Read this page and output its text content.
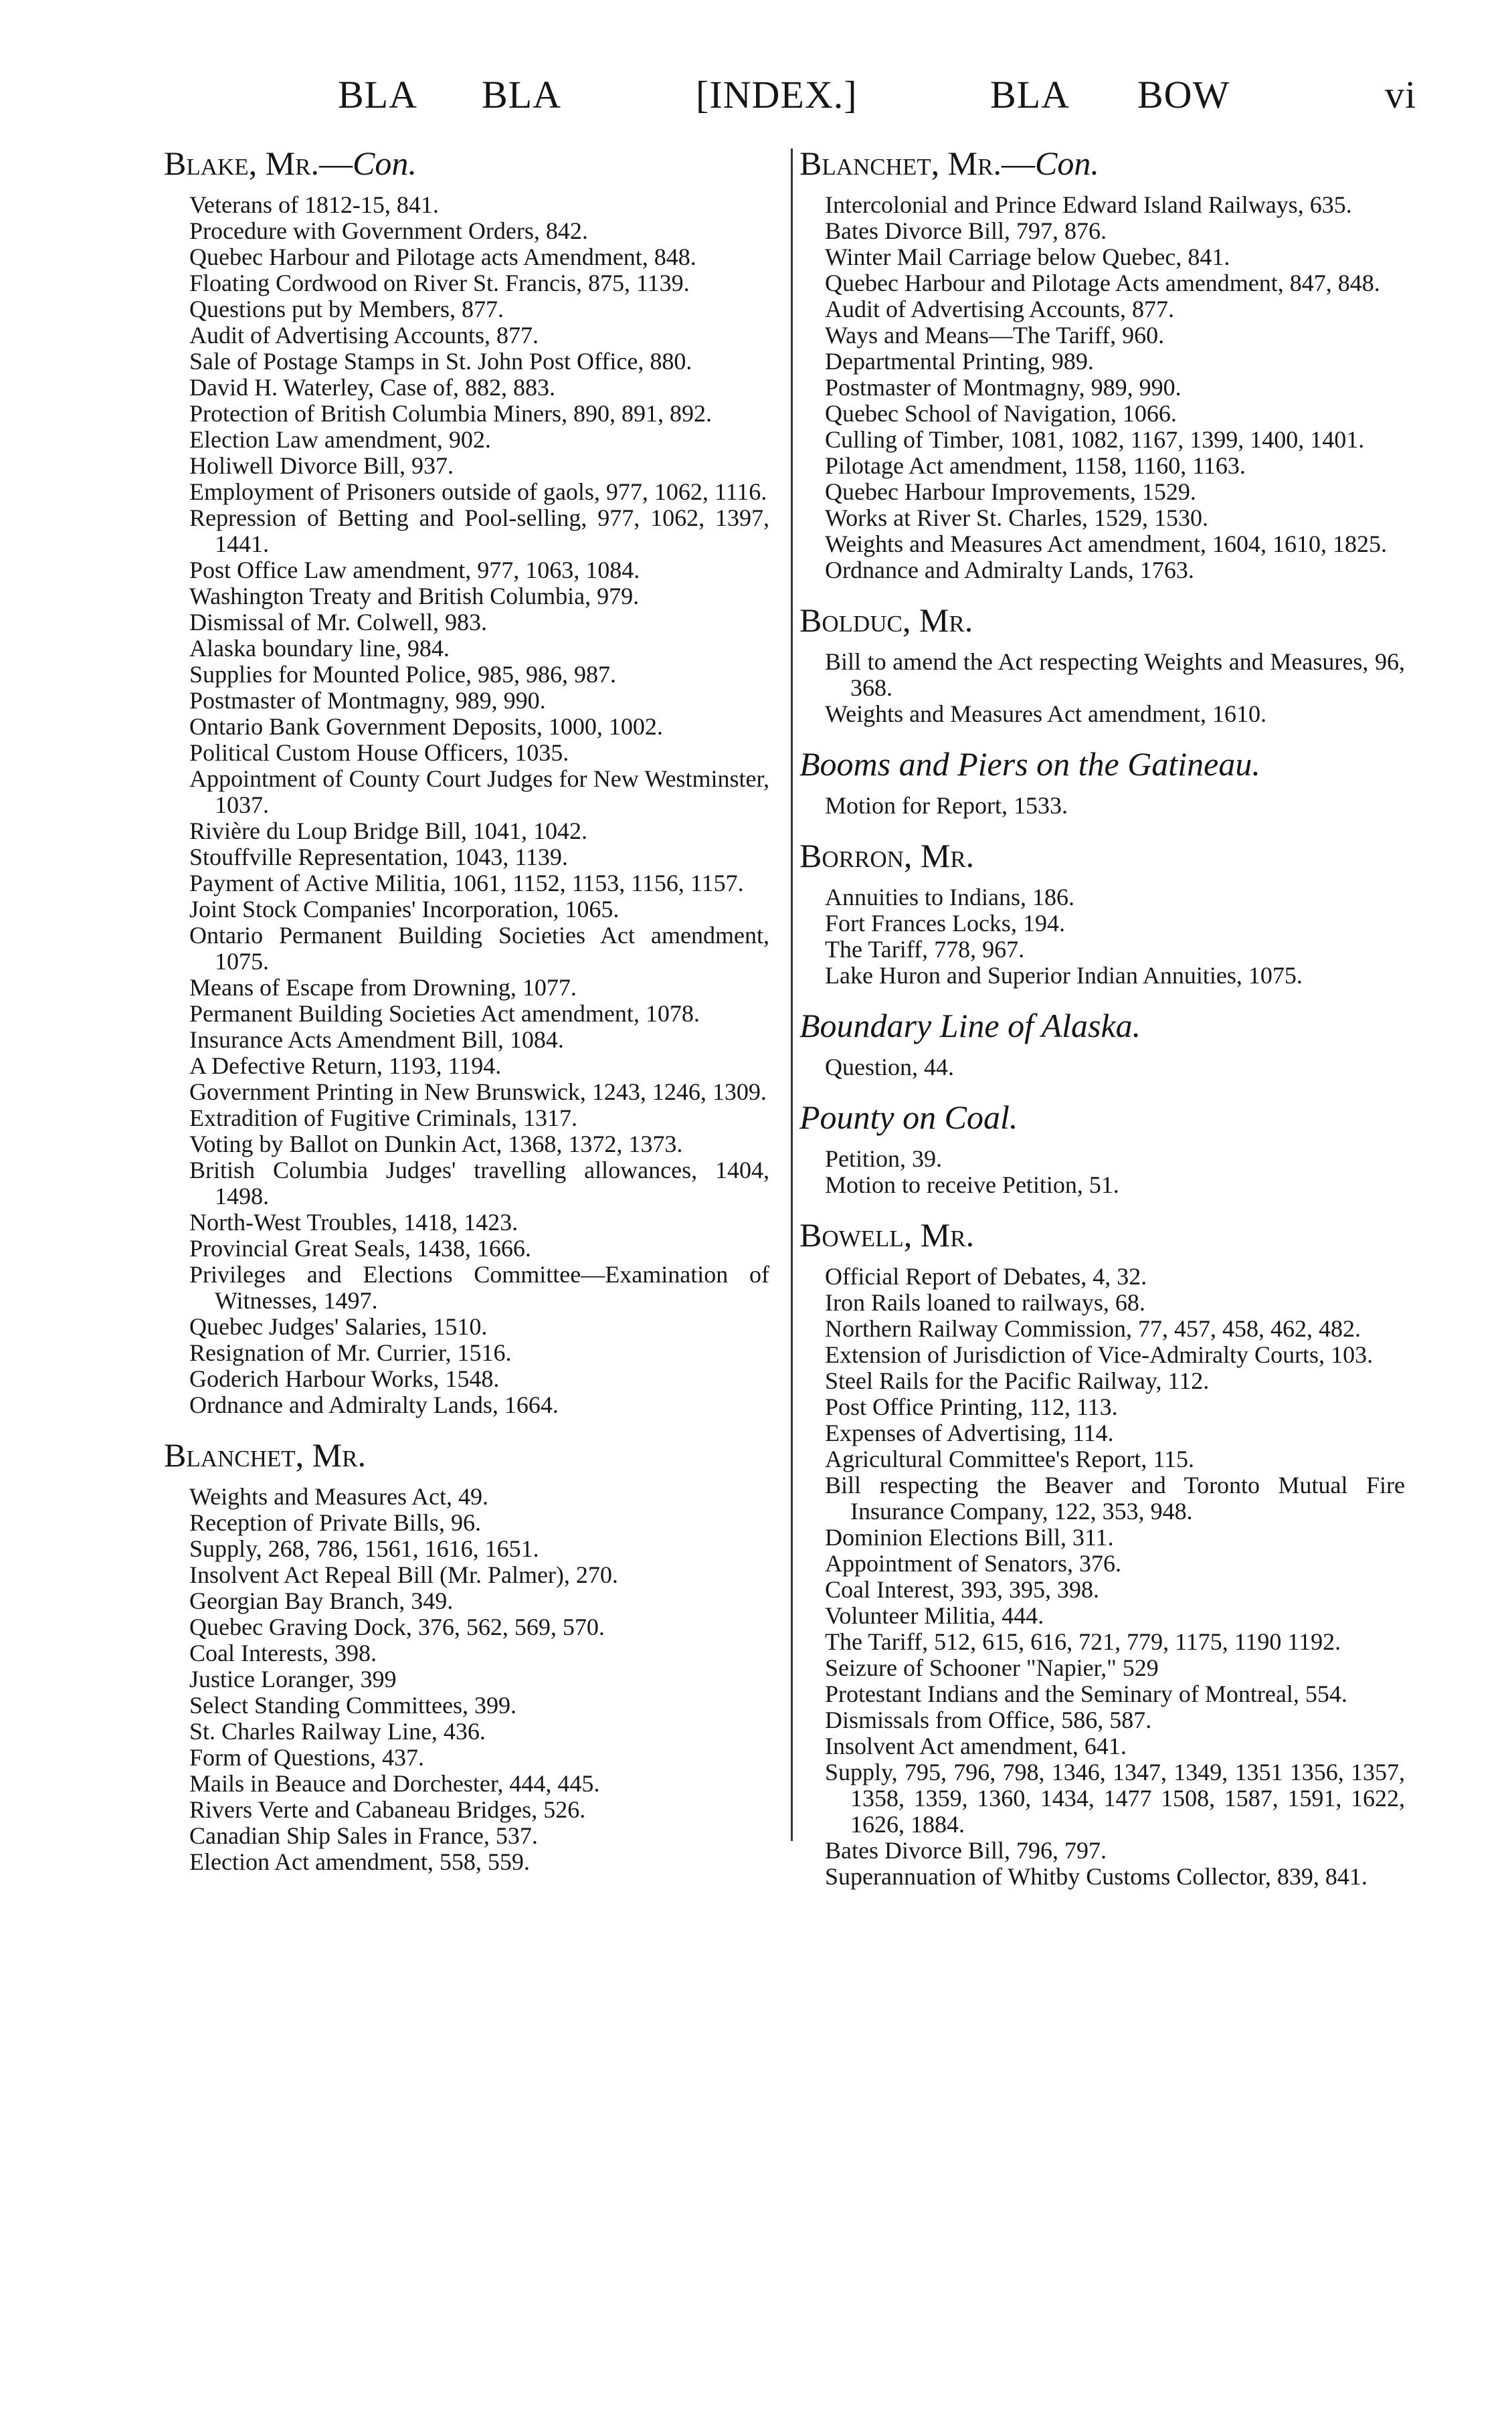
BLA BLA	[INDEX.]	BLA BOW	vi
Blake, Mr.—Con.
Veterans of 1812-15, 841.
Procedure with Government Orders, 842.
Quebec Harbour and Pilotage acts Amendment, 848.
Floating Cordwood on River St. Francis, 875, 1139.
Questions put by Members, 877.
Audit of Advertising Accounts, 877.
Sale of Postage Stamps in St. John Post Office, 880.
David H. Waterley, Case of, 882, 883.
Protection of British Columbia Miners, 890, 891, 892.
Election Law amendment, 902.
Holiwell Divorce Bill, 937.
Employment of Prisoners outside of gaols, 977, 1062, 1116.
Repression of Betting and Pool-selling, 977, 1062, 1397, 1441.
Post Office Law amendment, 977, 1063, 1084.
Washington Treaty and British Columbia, 979.
Dismissal of Mr. Colwell, 983.
Alaska boundary line, 984.
Supplies for Mounted Police, 985, 986, 987.
Postmaster of Montmagny, 989, 990.
Ontario Bank Government Deposits, 1000, 1002.
Political Custom House Officers, 1035.
Appointment of County Court Judges for New Westminster, 1037.
Rivière du Loup Bridge Bill, 1041, 1042.
Stouffville Representation, 1043, 1139.
Payment of Active Militia, 1061, 1152, 1153, 1156, 1157.
Joint Stock Companies' Incorporation, 1065.
Ontario Permanent Building Societies Act amendment, 1075.
Means of Escape from Drowning, 1077.
Permanent Building Societies Act amendment, 1078.
Insurance Acts Amendment Bill, 1084.
A Defective Return, 1193, 1194.
Government Printing in New Brunswick, 1243, 1246, 1309.
Extradition of Fugitive Criminals, 1317.
Voting by Ballot on Dunkin Act, 1368, 1372, 1373.
British Columbia Judges' travelling allowances, 1404, 1498.
North-West Troubles, 1418, 1423.
Provincial Great Seals, 1438, 1666.
Privileges and Elections Committee—Examination of Witnesses, 1497.
Quebec Judges' Salaries, 1510.
Resignation of Mr. Currier, 1516.
Goderich Harbour Works, 1548.
Ordnance and Admiralty Lands, 1664.
Blanchet, Mr.
Weights and Measures Act, 49.
Reception of Private Bills, 96.
Supply, 268, 786, 1561, 1616, 1651.
Insolvent Act Repeal Bill (Mr. Palmer), 270.
Georgian Bay Branch, 349.
Quebec Graving Dock, 376, 562, 569, 570.
Coal Interests, 398.
Justice Loranger, 399
Select Standing Committees, 399.
St. Charles Railway Line, 436.
Form of Questions, 437.
Mails in Beauce and Dorchester, 444, 445.
Rivers Verte and Cabaneau Bridges, 526.
Canadian Ship Sales in France, 537.
Election Act amendment, 558, 559.
Blanchet, Mr.—Con.
Intercolonial and Prince Edward Island Railways, 635.
Bates Divorce Bill, 797, 876.
Winter Mail Carriage below Quebec, 841.
Quebec Harbour and Pilotage Acts amendment, 847, 848.
Audit of Advertising Accounts, 877.
Ways and Means—The Tariff, 960.
Departmental Printing, 989.
Postmaster of Montmagny, 989, 990.
Quebec School of Navigation, 1066.
Culling of Timber, 1081, 1082, 1167, 1399, 1400, 1401.
Pilotage Act amendment, 1158, 1160, 1163.
Quebec Harbour Improvements, 1529.
Works at River St. Charles, 1529, 1530.
Weights and Measures Act amendment, 1604, 1610, 1825.
Ordnance and Admiralty Lands, 1763.
Bolduc, Mr.
Bill to amend the Act respecting Weights and Measures, 96, 368.
Weights and Measures Act amendment, 1610.
Booms and Piers on the Gatineau.
Motion for Report, 1533.
Borron, Mr.
Annuities to Indians, 186.
Fort Frances Locks, 194.
The Tariff, 778, 967.
Lake Huron and Superior Indian Annuities, 1075.
Boundary Line of Alaska.
Question, 44.
Pounty on Coal.
Petition, 39.
Motion to receive Petition, 51.
Bowell, Mr.
Official Report of Debates, 4, 32.
Iron Rails loaned to railways, 68.
Northern Railway Commission, 77, 457, 458, 462, 482.
Extension of Jurisdiction of Vice-Admiralty Courts, 103.
Steel Rails for the Pacific Railway, 112.
Post Office Printing, 112, 113.
Expenses of Advertising, 114.
Agricultural Committee's Report, 115.
Bill respecting the Beaver and Toronto Mutual Fire Insurance Company, 122, 353, 948.
Dominion Elections Bill, 311.
Appointment of Senators, 376.
Coal Interest, 393, 395, 398.
Volunteer Militia, 444.
The Tariff, 512, 615, 616, 721, 779, 1175, 1190 1192.
Seizure of Schooner "Napier," 529
Protestant Indians and the Seminary of Montreal, 554.
Dismissals from Office, 586, 587.
Insolvent Act amendment, 641.
Supply, 795, 796, 798, 1346, 1347, 1349, 1351 1356, 1357, 1358, 1359, 1360, 1434, 1477 1508, 1587, 1591, 1622, 1626, 1884.
Bates Divorce Bill, 796, 797.
Superannuation of Whitby Customs Collector, 839, 841.
